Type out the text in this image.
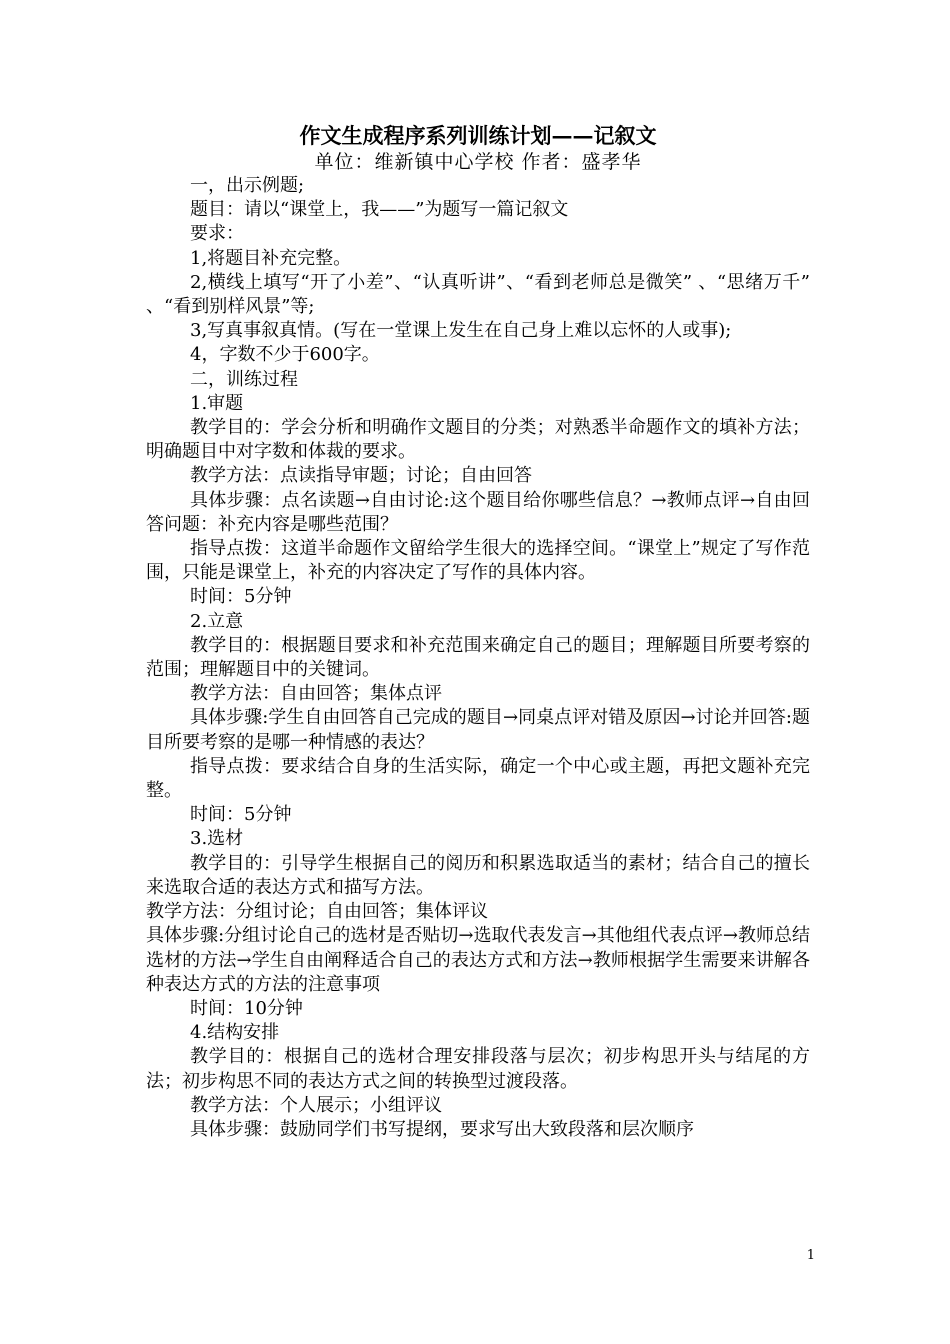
作文生成程序系列训练计划——记叙文
单位：维新镇中心学校 作者：盛孝华

一，出示例题;

题目：请以“课堂上，我——”为题写一篇记叙文

要求：

1,将题目补充完整。

2,横线上填写“开了小差”、“认真听讲”、“看到老师总是微笑” 、“思绪万千” 、“看到别样风景”等;

3,写真事叙真情。(写在一堂课上发生在自己身上难以忘怀的人或事);

4，字数不少于600字。

二，训练过程

1.审题

教学目的：学会分析和明确作文题目的分类；对熟悉半命题作文的填补方法；明确题目中对字数和体裁的要求。

教学方法：点读指导审题；讨论；自由回答

具体步骤：点名读题→自由讨论:这个题目给你哪些信息？→教师点评→自由回答问题：补充内容是哪些范围？

指导点拨：这道半命题作文留给学生很大的选择空间。“课堂上”规定了写作范围，只能是课堂上，补充的内容决定了写作的具体内容。

时间：5分钟

2.立意

教学目的：根据题目要求和补充范围来确定自己的题目；理解题目所要考察的范围；理解题目中的关键词。

教学方法：自由回答；集体点评

具体步骤:学生自由回答自己完成的题目→同桌点评对错及原因→讨论并回答:题目所要考察的是哪一种情感的表达？

指导点拨：要求结合自身的生活实际，确定一个中心或主题，再把文题补充完整。

时间：5分钟

3.选材

教学目的：引导学生根据自己的阅历和积累选取适当的素材；结合自己的擅长来选取合适的表达方式和描写方法。

教学方法：分组讨论；自由回答；集体评议

具体步骤:分组讨论自己的选材是否贴切→选取代表发言→其他组代表点评→教师总结选材的方法→学生自由阐释适合自己的表达方式和方法→教师根据学生需要来讲解各种表达方式的方法的注意事项

时间：10分钟

4.结构安排

教学目的：根据自己的选材合理安排段落与层次；初步构思开头与结尾的方法；初步构思不同的表达方式之间的转换型过渡段落。

教学方法：个人展示；小组评议

具体步骤：鼓励同学们书写提纲，要求写出大致段落和层次顺序

1
